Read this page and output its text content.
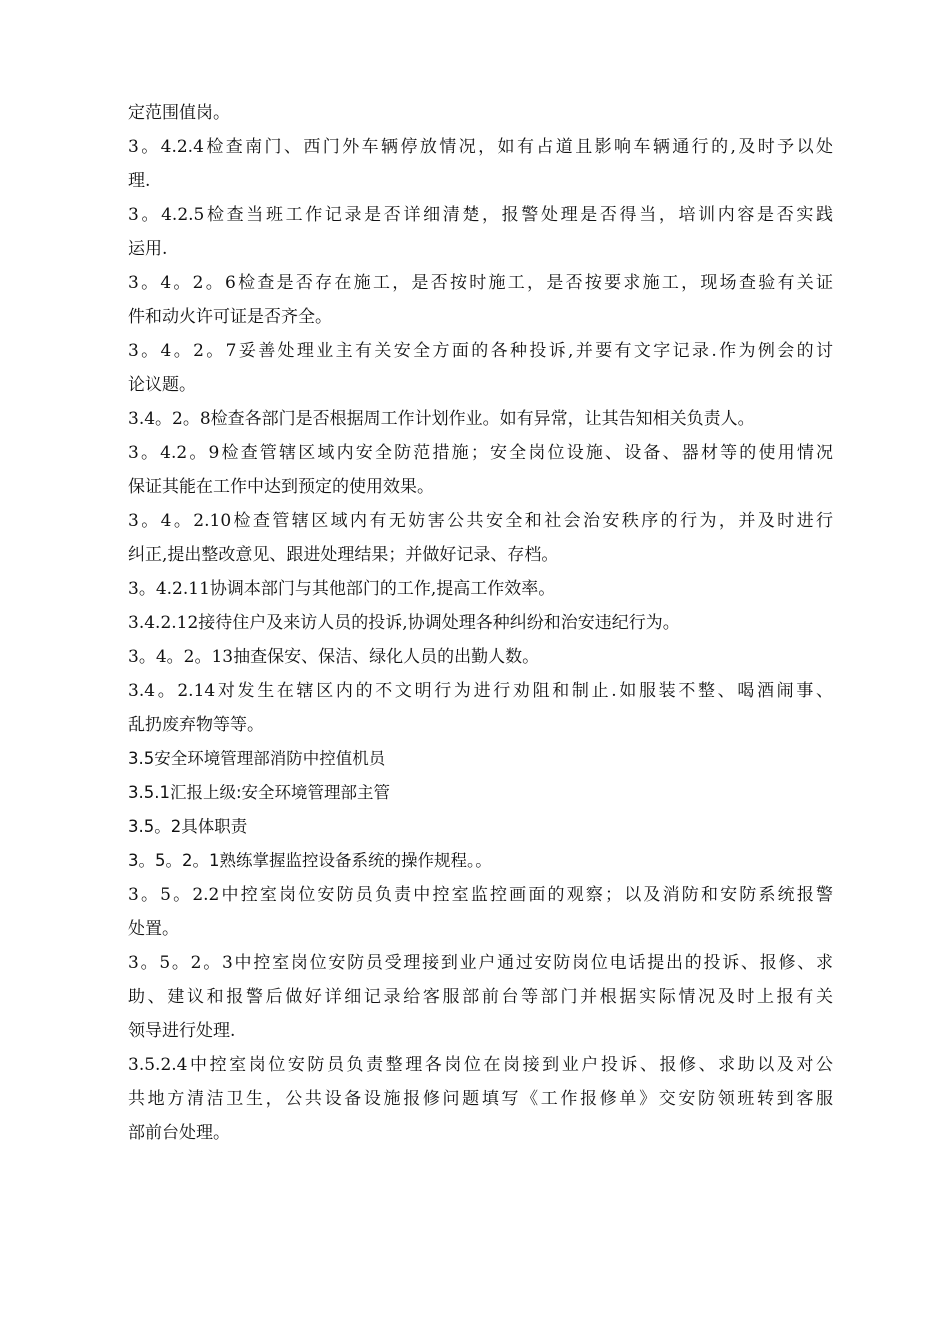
定范围值岗。
3。4.2.4检查南门、西门外车辆停放情况，如有占道且影响车辆通行的,及时予以处
理.
3。4.2.5检查当班工作记录是否详细清楚，报警处理是否得当，培训内容是否实践
运用.
3。4。2。6检查是否存在施工，是否按时施工，是否按要求施工，现场查验有关证
件和动火许可证是否齐全。
3。4。2。7妥善处理业主有关安全方面的各种投诉,并要有文字记录.作为例会的讨
论议题。
3.4。2。8检查各部门是否根据周工作计划作业。如有异常，让其告知相关负责人。
3。4.2。9检查管辖区域内安全防范措施；安全岗位设施、设备、器材等的使用情况
保证其能在工作中达到预定的使用效果。
3。4。2.10检查管辖区域内有无妨害公共安全和社会治安秩序的行为，并及时进行
纠正,提出整改意见、跟进处理结果；并做好记录、存档。
3。4.2.11协调本部门与其他部门的工作,提高工作效率。
3.4.2.12接待住户及来访人员的投诉,协调处理各种纠纷和治安违纪行为。
3。4。2。13抽查保安、保洁、绿化人员的出勤人数。
3.4。2.14对发生在辖区内的不文明行为进行劝阻和制止.如服装不整、喝酒闹事、
乱扔废弃物等等。
3.5安全环境管理部消防中控值机员
3.5.1汇报上级:安全环境管理部主管
3.5。2具体职责
3。5。2。1熟练掌握监控设备系统的操作规程。。
3。5。2.2中控室岗位安防员负责中控室监控画面的观察；以及消防和安防系统报警
处置。
3。5。2。3中控室岗位安防员受理接到业户通过安防岗位电话提出的投诉、报修、求
助、建议和报警后做好详细记录给客服部前台等部门并根据实际情况及时上报有关
领导进行处理.
3.5.2.4中控室岗位安防员负责整理各岗位在岗接到业户投诉、报修、求助以及对公
共地方清洁卫生，公共设备设施报修问题填写《工作报修单》交安防领班转到客服
部前台处理。
